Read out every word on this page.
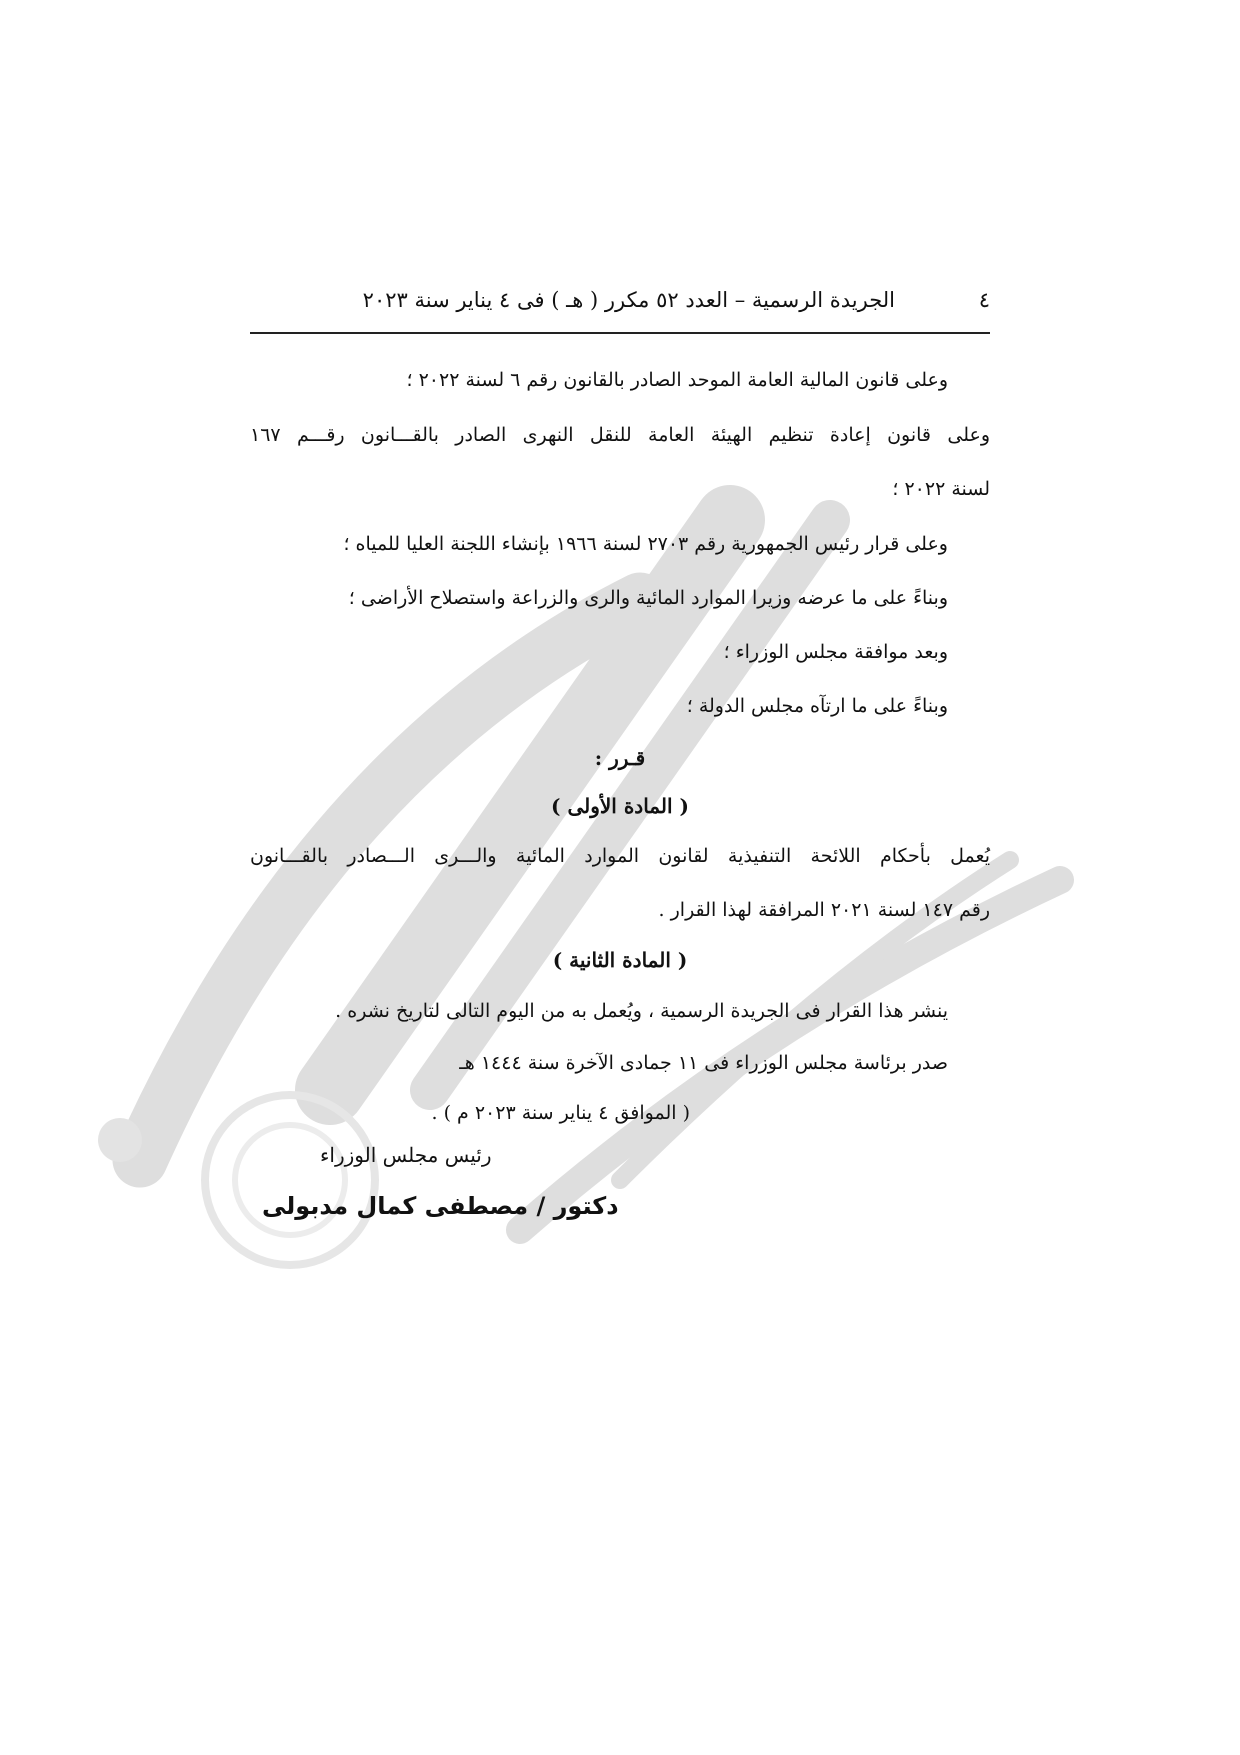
٤
الجريدة الرسمية – العدد ٥٢ مكرر ( هـ ) فى ٤ يناير سنة ٢٠٢٣
وعلى قانون المالية العامة الموحد الصادر بالقانون رقم ٦ لسنة ٢٠٢٢ ؛
وعلى قانون إعادة تنظيم الهيئة العامة للنقل النهرى الصادر بالقـــانون رقـــم ١٦٧
لسنة ٢٠٢٢ ؛
وعلى قرار رئيس الجمهورية رقم ٢٧٠٣ لسنة ١٩٦٦ بإنشاء اللجنة العليا للمياه ؛
وبناءً على ما عرضه وزيرا الموارد المائية والرى والزراعة واستصلاح الأراضى ؛
وبعد موافقة مجلس الوزراء ؛
وبناءً على ما ارتآه مجلس الدولة ؛
قـرر :
( المادة الأولى )
يُعمل بأحكام اللائحة التنفيذية لقانون الموارد المائية والـــرى الـــصادر بالقـــانون
رقم ١٤٧ لسنة ٢٠٢١ المرافقة لهذا القرار .
( المادة الثانية )
ينشر هذا القرار فى الجريدة الرسمية ، ويُعمل به من اليوم التالى لتاريخ نشره .
صدر برئاسة مجلس الوزراء فى ١١ جمادى الآخرة سنة ١٤٤٤ هـ
( الموافق ٤ يناير سنة ٢٠٢٣ م ) .
رئيس مجلس الوزراء
دكتور / مصطفى كمال مدبولى
